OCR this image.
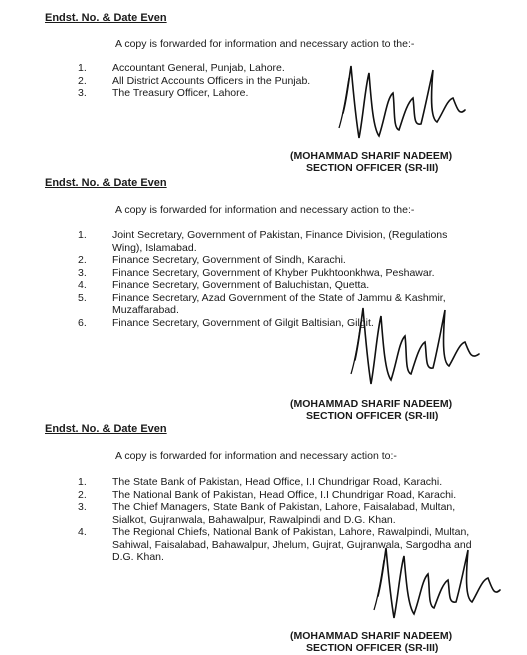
Endst. No. & Date Even
A copy is forwarded for information and necessary action to the:-
1.	Accountant General, Punjab, Lahore.
2.	All District Accounts Officers in the Punjab.
3.	The Treasury Officer, Lahore.
(MOHAMMAD SHARIF NADEEM)
SECTION OFFICER (SR-III)
Endst. No. & Date Even
A copy is forwarded for information and necessary action to the:-
1.	Joint Secretary, Government of Pakistan, Finance Division, (Regulations Wing), Islamabad.
2.	Finance Secretary, Government of Sindh, Karachi.
3.	Finance Secretary, Government of Khyber Pukhtoonkhwa, Peshawar.
4.	Finance Secretary, Government of Baluchistan, Quetta.
5.	Finance Secretary, Azad Government of the State of Jammu & Kashmir, Muzaffarabad.
6.	Finance Secretary, Government of Gilgit Baltisian, Gilgit.
(MOHAMMAD SHARIF NADEEM)
SECTION OFFICER (SR-III)
Endst. No. & Date Even
A copy is forwarded for information and necessary action to:-
1.	The State Bank of Pakistan, Head Office, I.I Chundrigar Road, Karachi.
2.	The National Bank of Pakistan, Head Office, I.I Chundrigar Road, Karachi.
3.	The Chief Managers, State Bank of Pakistan, Lahore, Faisalabad, Multan, Sialkot, Gujranwala, Bahawalpur, Rawalpindi and D.G. Khan.
4.	The Regional Chiefs, National Bank of Pakistan, Lahore, Rawalpindi, Multan, Sahiwal, Faisalabad, Bahawalpur, Jhelum, Gujrat, Gujranwala, Sargodha and D.G. Khan.
(MOHAMMAD SHARIF NADEEM)
SECTION OFFICER (SR-III)
